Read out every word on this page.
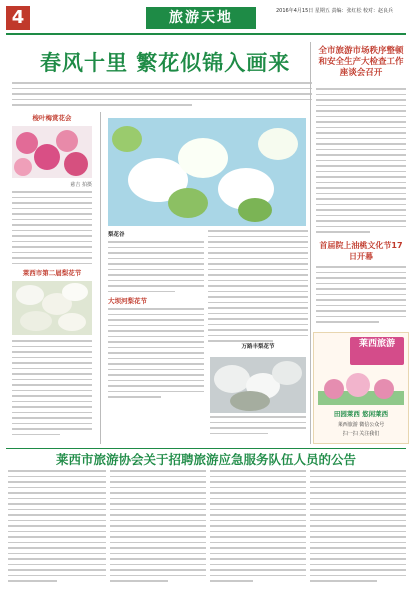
4	旅游天地	2016年4月15日 星期五 责编：张红松 校对：赵良兵
春风十里 繁花似锦入画来
梭叶梅赏花会
慈吉 拍摄
莱西市第二届梨花节
梨花谷
大坝河梨花节
万路丰梨花节
全市旅游市场秩序整顿和安全生产大检查工作座谈会召开
首届院上油桃文化节17日开幕
莱西旅游
田园莱西 悠闲莱西
莱西旅游 微信公众号
扫一扫 关注我们
莱西市旅游协会关于招聘旅游应急服务队伍人员的公告
